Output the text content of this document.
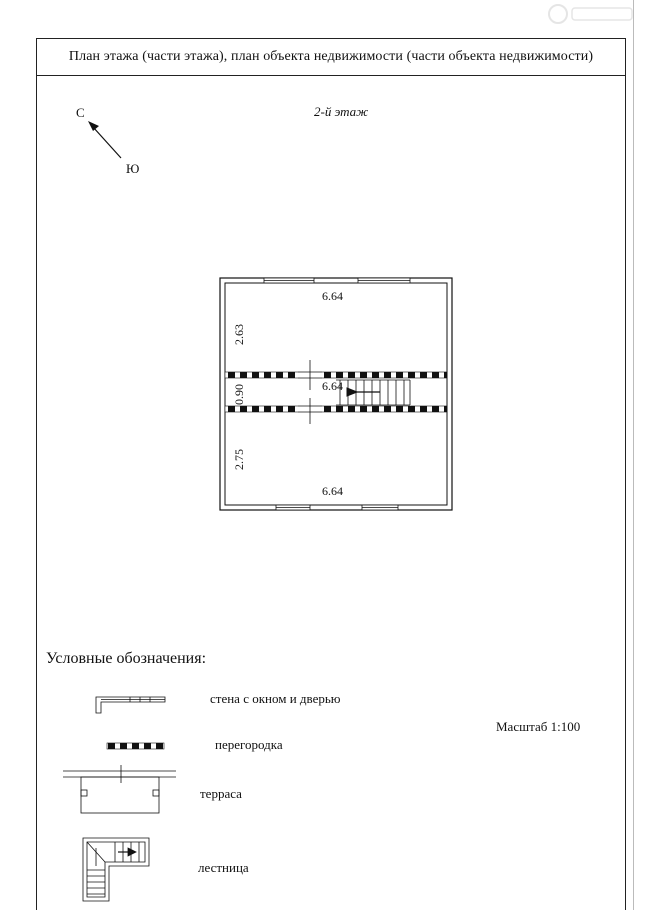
План этажа (части этажа), план объекта недвижимости (части объекта недвижимости)
2-й этаж
С
Ю
6.64
2.63
6.64
0.90
6.64
2.75
Условные обозначения:
стена с окном и дверью
перегородка
терраса
лестница
Масштаб 1:100
